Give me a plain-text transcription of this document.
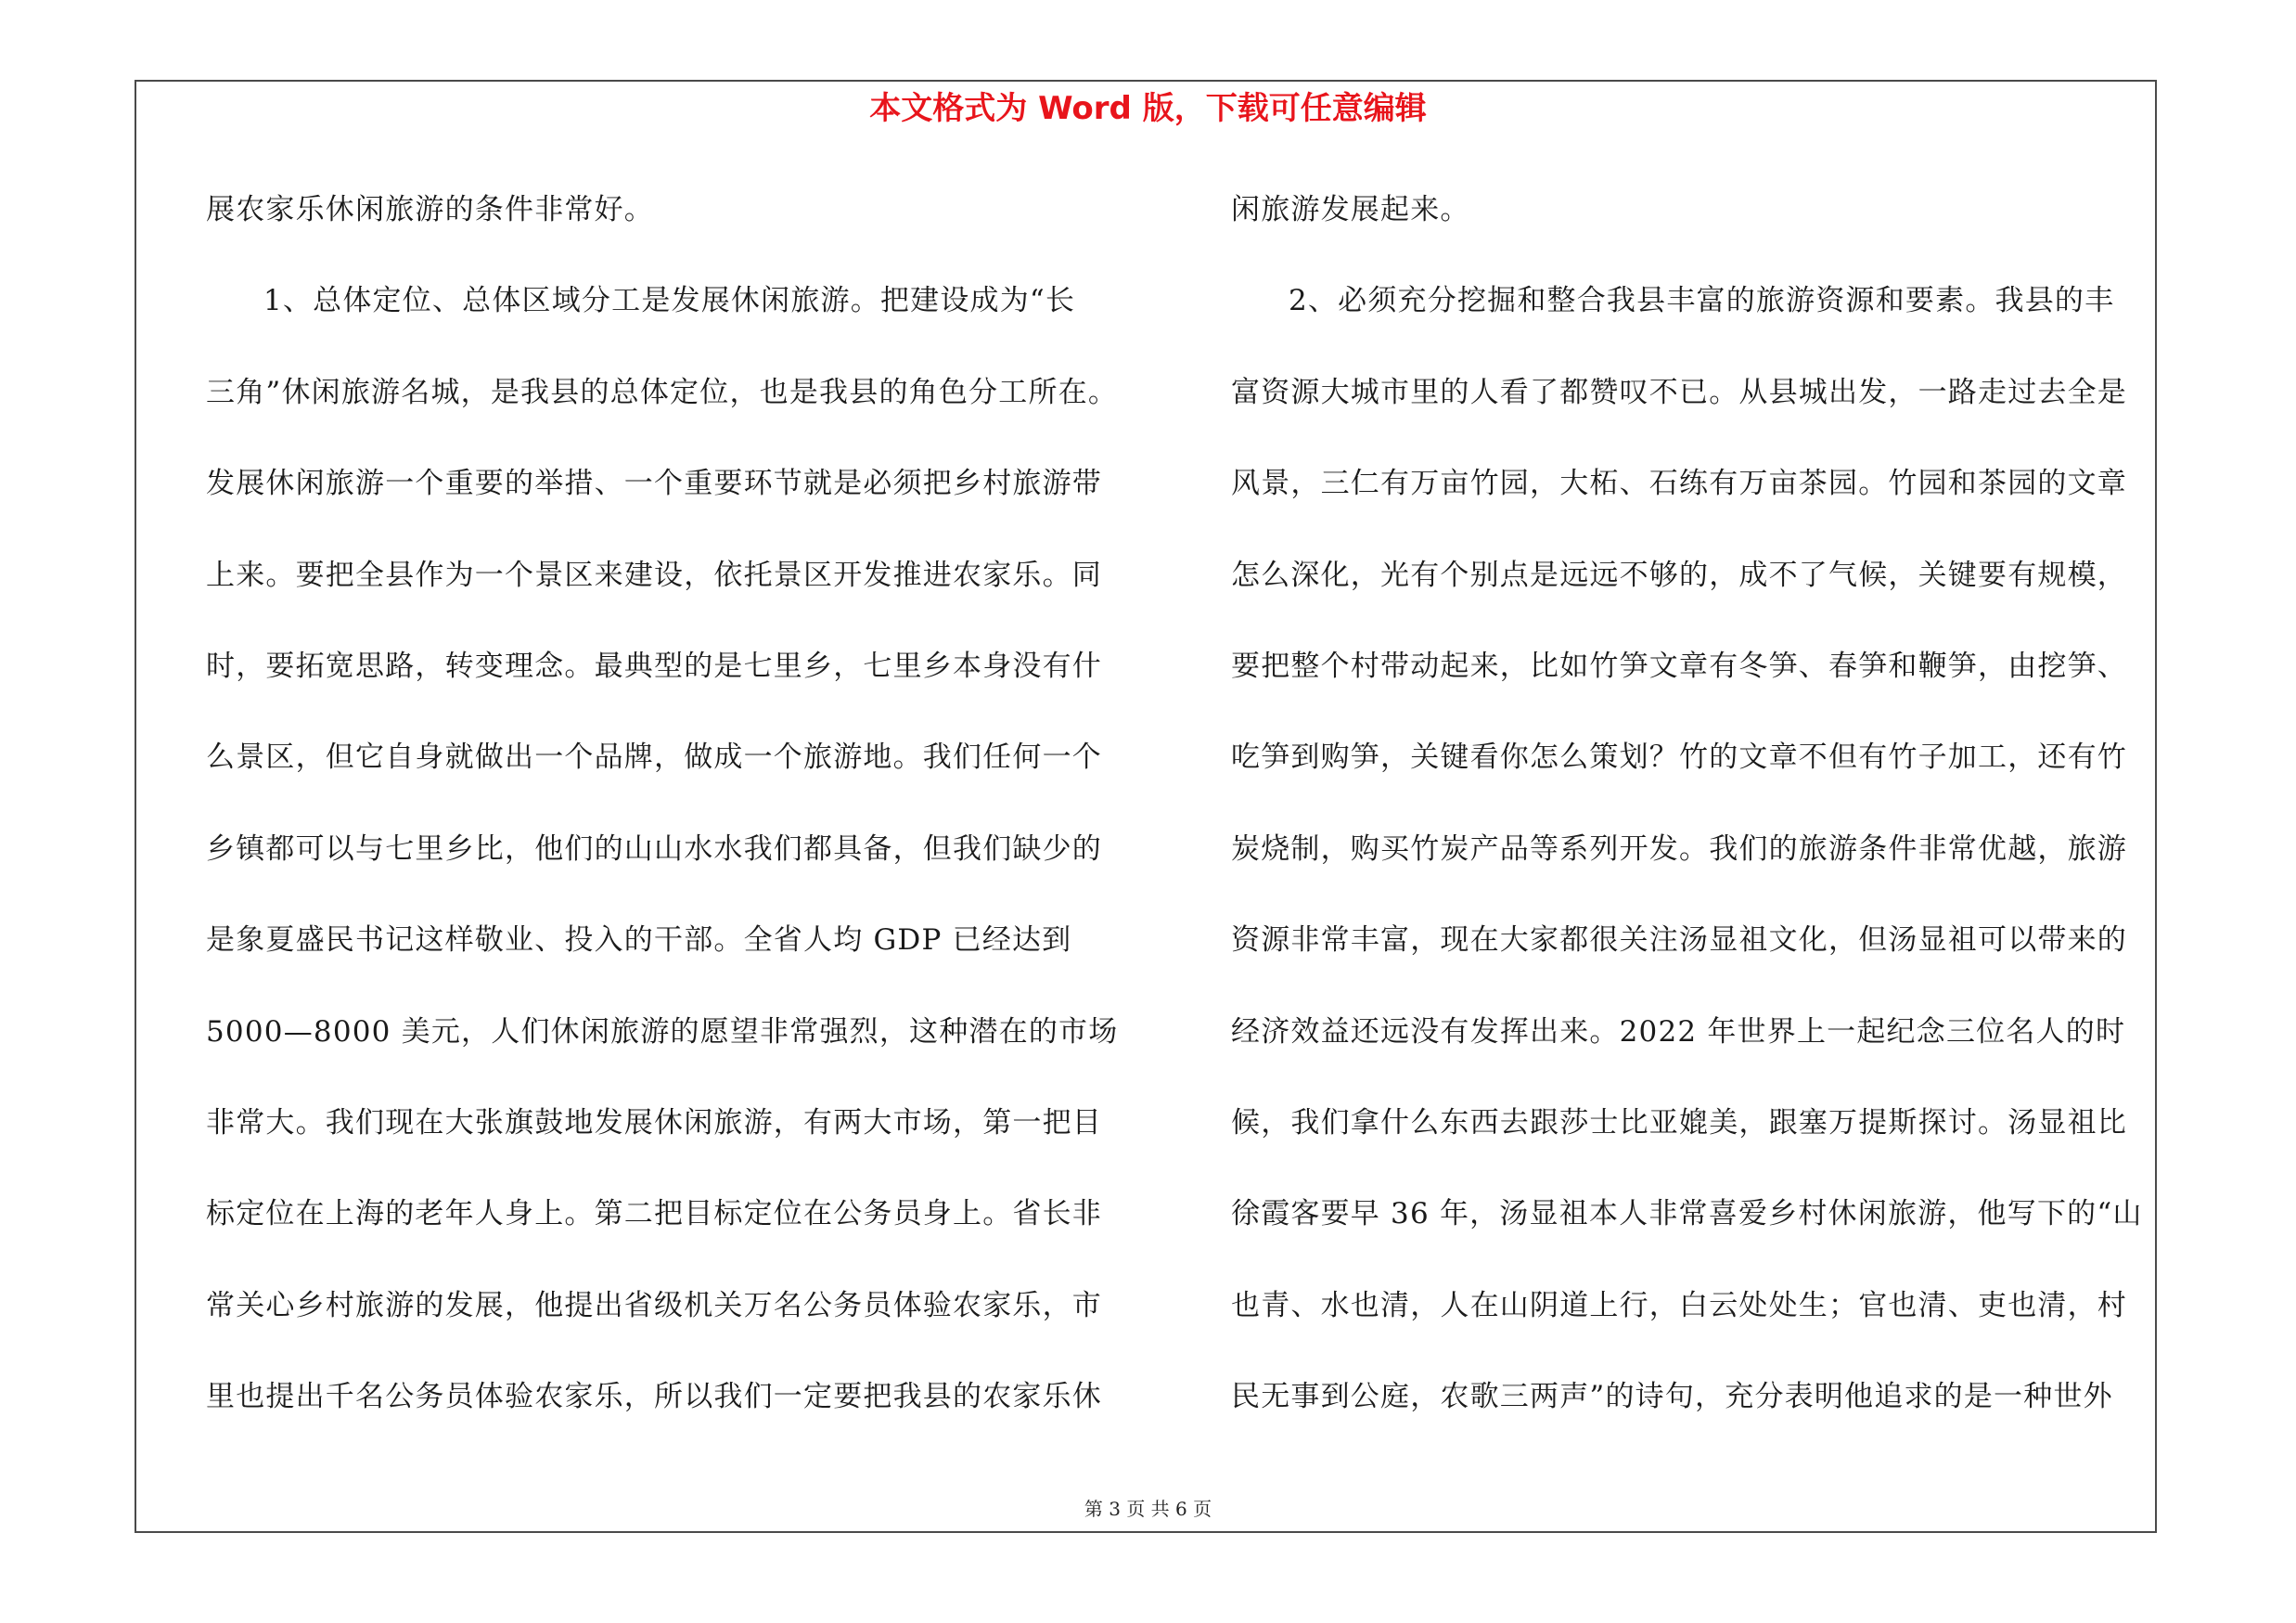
本文格式为 Word 版，下载可任意编辑
展农家乐休闲旅游的条件非常好。
1、总体定位、总体区域分工是发展休闲旅游。把建设成为“长
三角”休闲旅游名城，是我县的总体定位，也是我县的角色分工所在。
发展休闲旅游一个重要的举措、一个重要环节就是必须把乡村旅游带
上来。要把全县作为一个景区来建设，依托景区开发推进农家乐。同
时，要拓宽思路，转变理念。最典型的是七里乡，七里乡本身没有什
么景区，但它自身就做出一个品牌，做成一个旅游地。我们任何一个
乡镇都可以与七里乡比，他们的山山水水我们都具备，但我们缺少的
是象夏盛民书记这样敬业、投入的干部。全省人均 GDP 已经达到
5000—8000 美元，人们休闲旅游的愿望非常强烈，这种潜在的市场
非常大。我们现在大张旗鼓地发展休闲旅游，有两大市场，第一把目
标定位在上海的老年人身上。第二把目标定位在公务员身上。省长非
常关心乡村旅游的发展，他提出省级机关万名公务员体验农家乐，市
里也提出千名公务员体验农家乐，所以我们一定要把我县的农家乐休
闲旅游发展起来。
2、必须充分挖掘和整合我县丰富的旅游资源和要素。我县的丰
富资源大城市里的人看了都赞叹不已。从县城出发，一路走过去全是
风景，三仁有万亩竹园，大柘、石练有万亩茶园。竹园和茶园的文章
怎么深化，光有个别点是远远不够的，成不了气候，关键要有规模，
要把整个村带动起来，比如竹笋文章有冬笋、春笋和鞭笋，由挖笋、
吃笋到购笋，关键看你怎么策划？竹的文章不但有竹子加工，还有竹
炭烧制，购买竹炭产品等系列开发。我们的旅游条件非常优越，旅游
资源非常丰富，现在大家都很关注汤显祖文化，但汤显祖可以带来的
经济效益还远没有发挥出来。2022 年世界上一起纪念三位名人的时
候，我们拿什么东西去跟莎士比亚媲美，跟塞万提斯探讨。汤显祖比
徐霞客要早 36 年，汤显祖本人非常喜爱乡村休闲旅游，他写下的“山
也青、水也清，人在山阴道上行，白云处处生；官也清、吏也清，村
民无事到公庭，农歌三两声”的诗句，充分表明他追求的是一种世外
第 3 页 共 6 页
